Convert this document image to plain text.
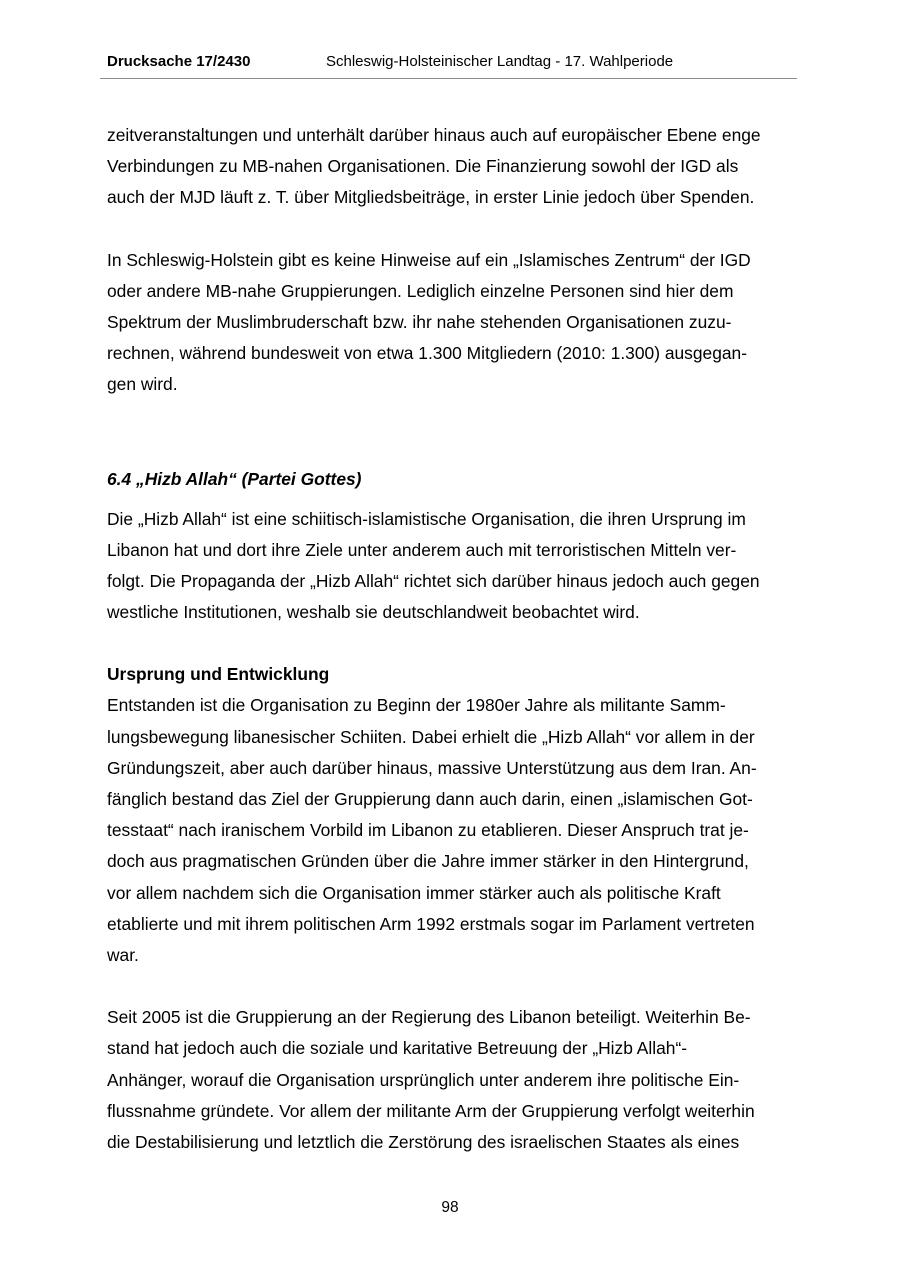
Drucksache 17/2430	Schleswig-Holsteinischer Landtag - 17. Wahlperiode

zeitveranstaltungen und unterhält darüber hinaus auch auf europäischer Ebene enge
Verbindungen zu MB-nahen Organisationen. Die Finanzierung sowohl der IGD als
auch der MJD läuft z. T. über Mitgliedsbeiträge, in erster Linie jedoch über Spenden.

In Schleswig-Holstein gibt es keine Hinweise auf ein „Islamisches Zentrum“ der IGD
oder andere MB-nahe Gruppierungen. Lediglich einzelne Personen sind hier dem
Spektrum der Muslimbruderschaft bzw. ihr nahe stehenden Organisationen zuzu-
rechnen, während bundesweit von etwa 1.300 Mitgliedern (2010: 1.300) ausgegan-
gen wird.

6.4 „Hizb Allah“ (Partei Gottes)

Die „Hizb Allah“ ist eine schiitisch-islamistische Organisation, die ihren Ursprung im
Libanon hat und dort ihre Ziele unter anderem auch mit terroristischen Mitteln ver-
folgt. Die Propaganda der „Hizb Allah“ richtet sich darüber hinaus jedoch auch gegen
westliche Institutionen, weshalb sie deutschlandweit beobachtet wird.

Ursprung und Entwicklung

Entstanden ist die Organisation zu Beginn der 1980er Jahre als militante Samm-
lungsbewegung libanesischer Schiiten. Dabei erhielt die „Hizb Allah“ vor allem in der
Gründungszeit, aber auch darüber hinaus, massive Unterstützung aus dem Iran. An-
fänglich bestand das Ziel der Gruppierung dann auch darin, einen „islamischen Got-
tesstaat“ nach iranischem Vorbild im Libanon zu etablieren. Dieser Anspruch trat je-
doch aus pragmatischen Gründen über die Jahre immer stärker in den Hintergrund,
vor allem nachdem sich die Organisation immer stärker auch als politische Kraft
etablierte und mit ihrem politischen Arm 1992 erstmals sogar im Parlament vertreten
war.

Seit 2005 ist die Gruppierung an der Regierung des Libanon beteiligt. Weiterhin Be-
stand hat jedoch auch die soziale und karitative Betreuung der „Hizb Allah“-
Anhänger, worauf die Organisation ursprünglich unter anderem ihre politische Ein-
flussnahme gründete. Vor allem der militante Arm der Gruppierung verfolgt weiterhin
die Destabilisierung und letztlich die Zerstörung des israelischen Staates als eines

98
